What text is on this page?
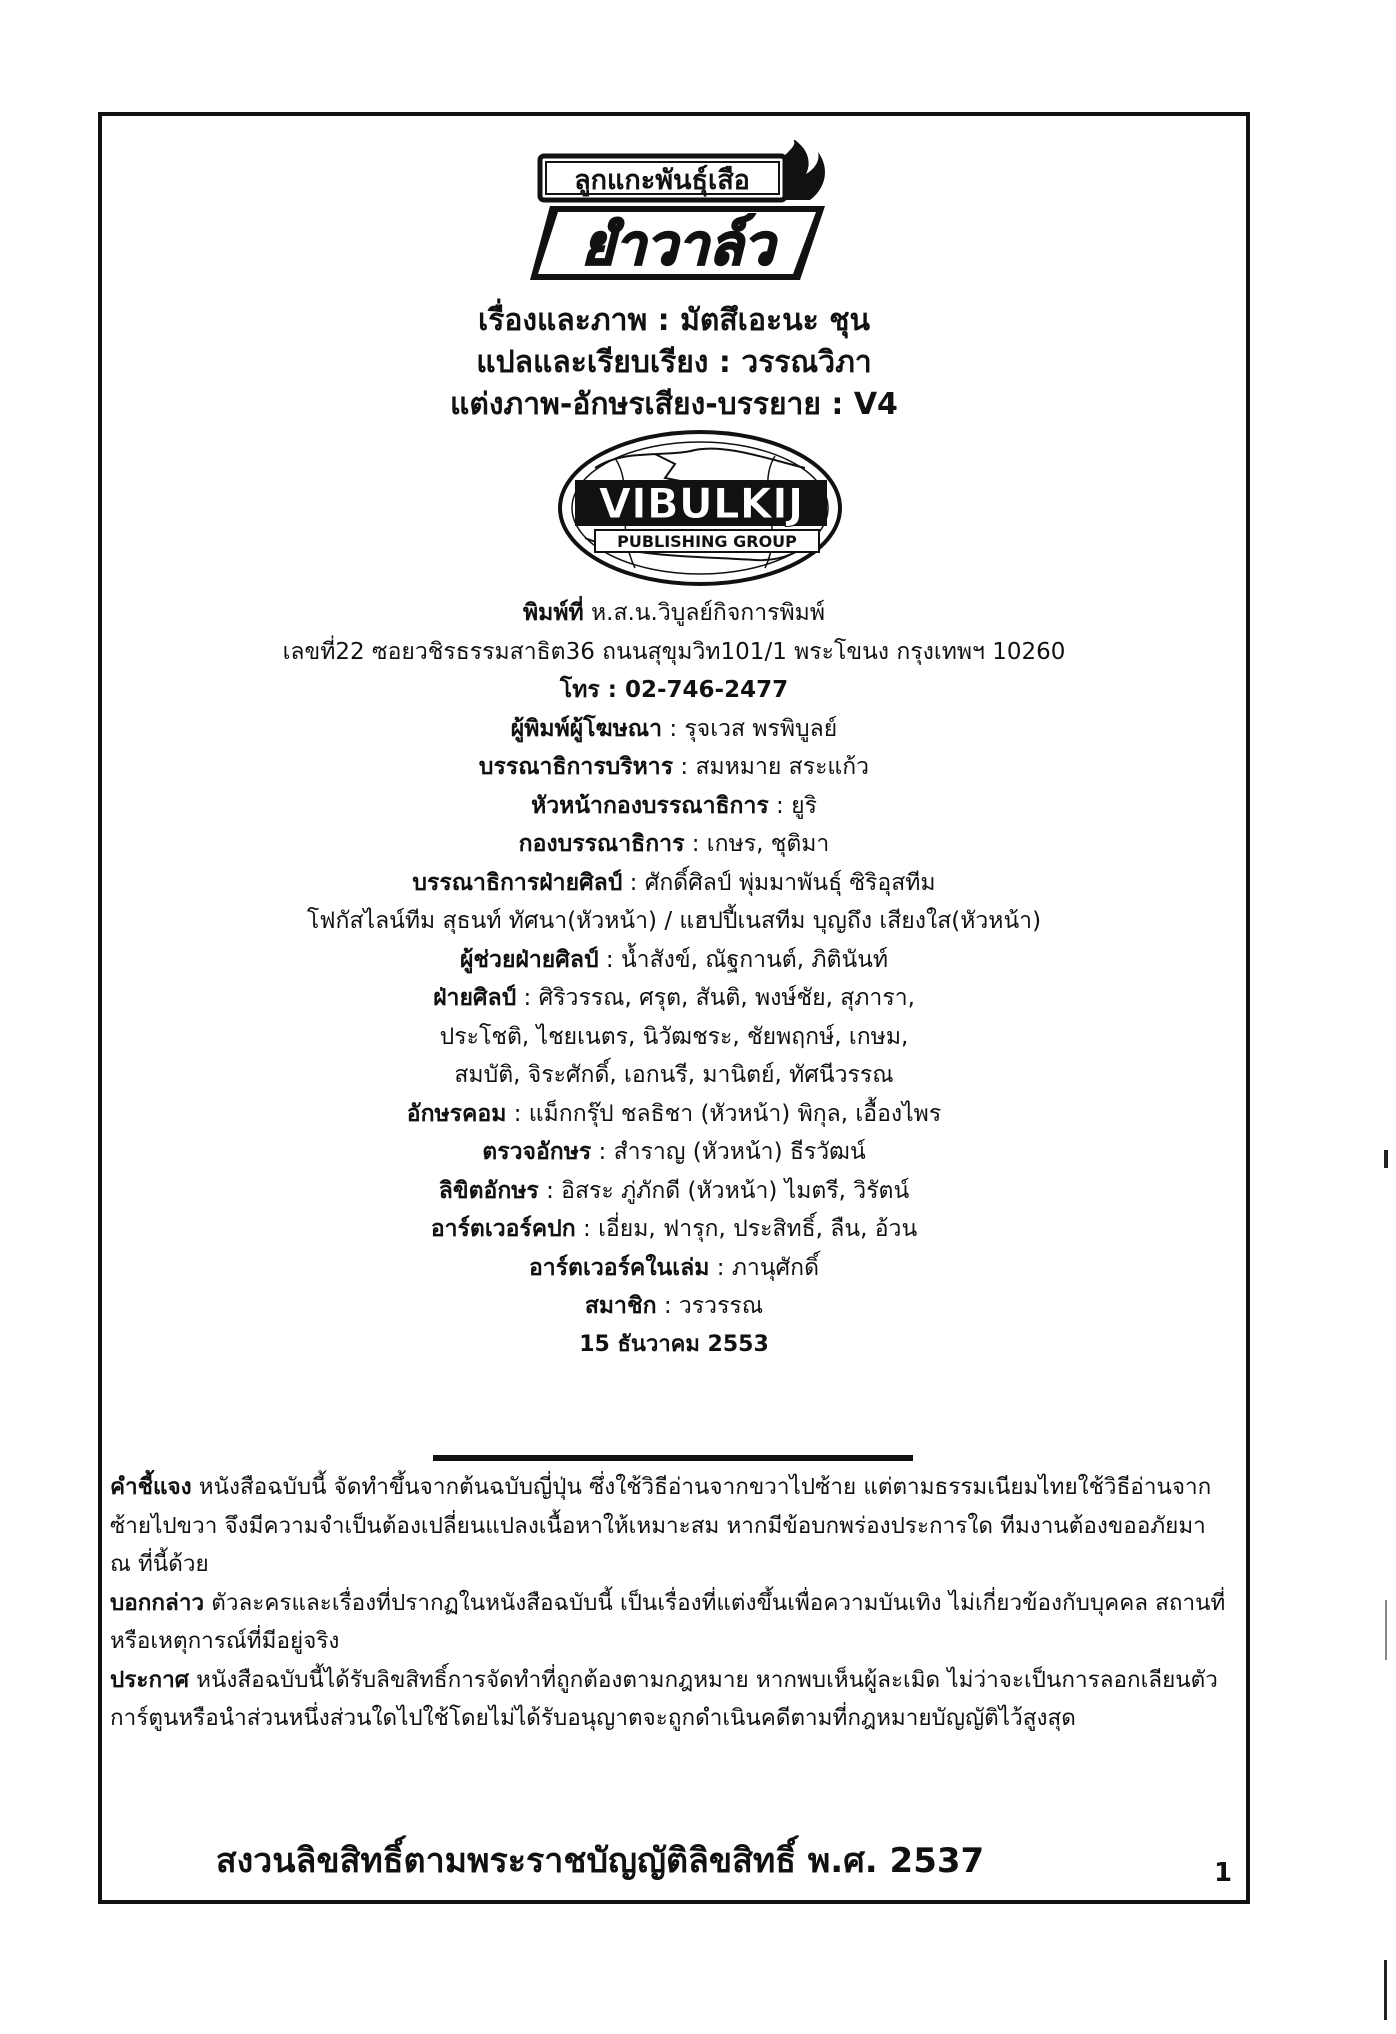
ลูกแกะพันธุ์เสือ
ยำวาล์ว
เรื่องและภาพ : มัตสึเอะนะ ชุน
แปลและเรียบเรียง : วรรณวิภา
แต่งภาพ-อักษรเสียง-บรรยาย : V4
VIBULKIJ
PUBLISHING GROUP
พิมพ์ที่ ห.ส.น.วิบูลย์กิจการพิมพ์
เลขที่22 ซอยวชิรธรรมสาธิต36 ถนนสุขุมวิท101/1 พระโขนง กรุงเทพฯ 10260
โทร : 02-746-2477
ผู้พิมพ์ผู้โฆษณา : รุจเวส พรพิบูลย์
บรรณาธิการบริหาร : สมหมาย สระแก้ว
หัวหน้ากองบรรณาธิการ : ยูริ
กองบรรณาธิการ : เกษร, ชุติมา
บรรณาธิการฝ่ายศิลป์ : ศักดิ์ศิลป์ พุ่มมาพันธุ์ ซิริอุสทีม
โฟกัสไลน์ทีม สุธนท์ ทัศนา(หัวหน้า) / แฮปปี้เนสทีม บุญถึง เสียงใส(หัวหน้า)
ผู้ช่วยฝ่ายศิลป์ : น้ำสังข์, ณัฐกานต์, ภิตินันท์
ฝ่ายศิลป์ : ศิริวรรณ, ศรุต, สันติ, พงษ์ชัย, สุภารา,
ประโชติ, ไชยเนตร, นิวัฒชระ, ชัยพฤกษ์, เกษม,
สมบัติ, จิระศักดิ์, เอกนรี, มานิตย์, ทัศนีวรรณ
อักษรคอม : แม็กกรุ๊ป ชลธิชา (หัวหน้า) พิกุล, เอื้องไพร
ตรวจอักษร : สำราญ (หัวหน้า) ธีรวัฒน์
ลิขิตอักษร : อิสระ ภู่ภักดี (หัวหน้า) ไมตรี, วิรัตน์
อาร์ตเวอร์คปก : เอี่ยม, ฟารุก, ประสิทธิ์, ลืน, อ้วน
อาร์ตเวอร์คในเล่ม : ภานุศักดิ์
สมาชิก : วรวรรณ
15 ธันวาคม 2553

คำชี้แจง หนังสือฉบับนี้ จัดทำขึ้นจากต้นฉบับญี่ปุ่น ซึ่งใช้วิธีอ่านจากขวาไปซ้าย แต่ตามธรรมเนียมไทยใช้วิธีอ่านจากซ้ายไปขวา จึงมีความจำเป็นต้องเปลี่ยนแปลงเนื้อหาให้เหมาะสม หากมีข้อบกพร่องประการใด ทีมงานต้องขออภัยมา ณ ที่นี้ด้วย

บอกกล่าว ตัวละครและเรื่องที่ปรากฏในหนังสือฉบับนี้ เป็นเรื่องที่แต่งขึ้นเพื่อความบันเทิง ไม่เกี่ยวข้องกับบุคคล สถานที่ หรือเหตุการณ์ที่มีอยู่จริง

ประกาศ หนังสือฉบับนี้ได้รับลิขสิทธิ์การจัดทำที่ถูกต้องตามกฎหมาย หากพบเห็นผู้ละเมิด ไม่ว่าจะเป็นการลอกเลียนตัวการ์ตูนหรือนำส่วนหนึ่งส่วนใดไปใช้โดยไม่ได้รับอนุญาตจะถูกดำเนินคดีตามที่กฎหมายบัญญัติไว้สูงสุด

สงวนลิขสิทธิ์ตามพระราชบัญญัติลิขสิทธิ์ พ.ศ. 2537	1
